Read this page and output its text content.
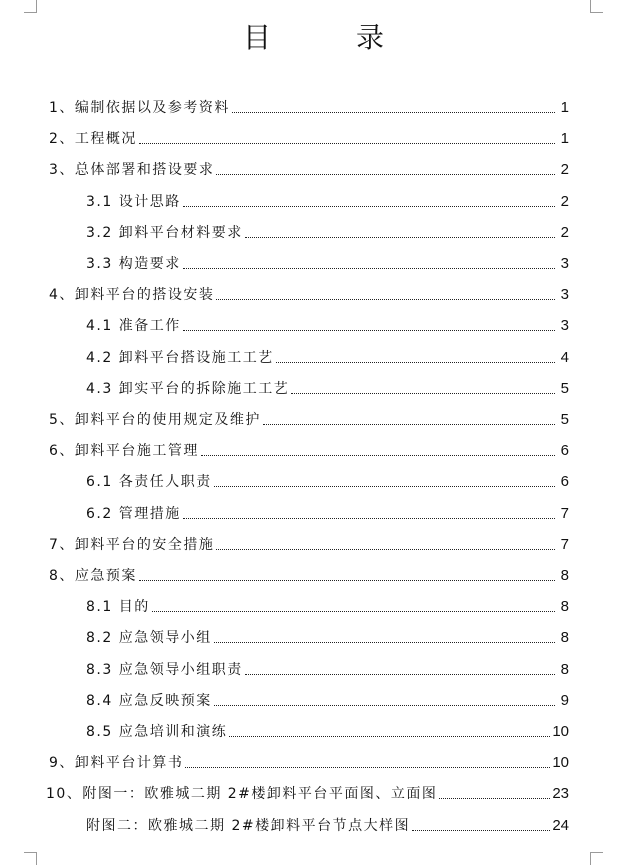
目 录
1、编制依据以及参考资料	1
2、工程概况	1
3、总体部署和搭设要求	2
3.1 设计思路	2
3.2 卸料平台材料要求	2
3.3 构造要求	3
4、卸料平台的搭设安装	3
4.1 准备工作	3
4.2 卸料平台搭设施工工艺	4
4.3 卸实平台的拆除施工工艺	5
5、卸料平台的使用规定及维护	5
6、卸料平台施工管理	6
6.1 各责任人职责	6
6.2 管理措施	7
7、卸料平台的安全措施	7
8、应急预案	8
8.1 目的	8
8.2 应急领导小组	8
8.3 应急领导小组职责	8
8.4 应急反映预案	9
8.5 应急培训和演练	10
9、卸料平台计算书	10
10、附图一：欧雅城二期 2#楼卸料平台平面图、立面图	23
附图二：欧雅城二期 2#楼卸料平台节点大样图	24
